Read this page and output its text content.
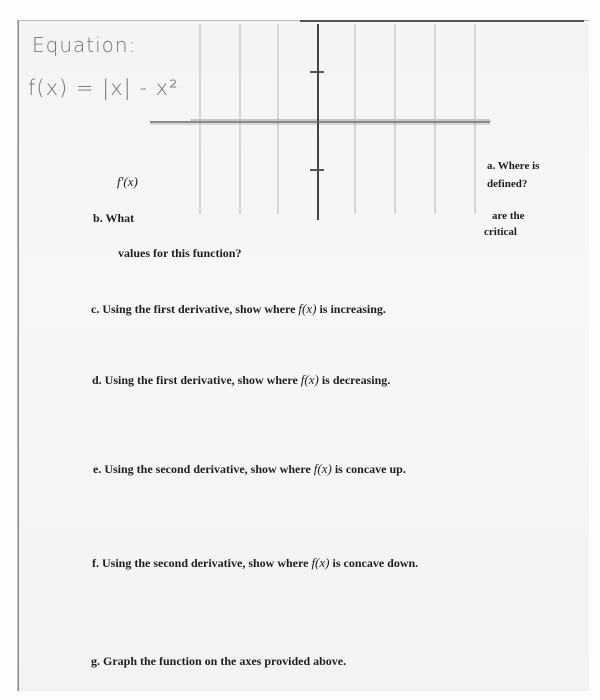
Equation:
f(x) = |x| - x²
f'(x)
a. Where is
defined?
b. What	are the
critical
values for this function?
c. Using the first derivative, show where f(x) is increasing.
d. Using the first derivative, show where f(x) is decreasing.
e. Using the second derivative, show where f(x) is concave up.
f. Using the second derivative, show where f(x) is concave down.
g. Graph the function on the axes provided above.
